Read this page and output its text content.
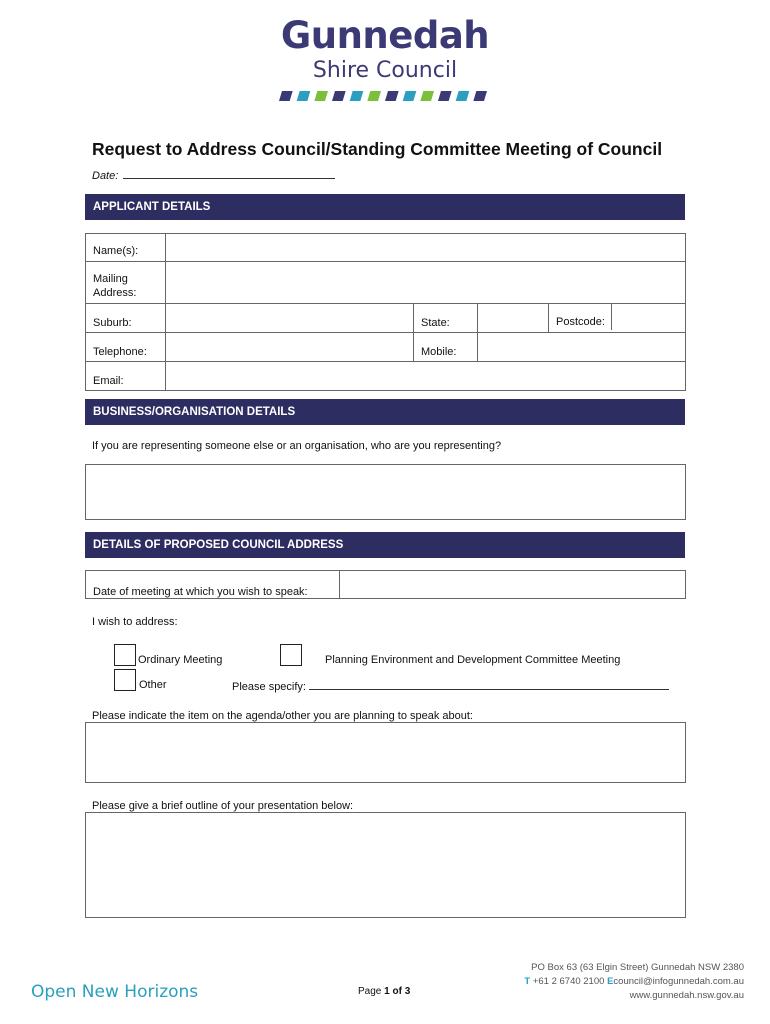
Gunnedah
Shire Council
Request to Address Council/Standing Committee Meeting of Council
Date:
APPLICANT DETAILS
Name(s):				

Mailing
Address:				

Suburb:		State:		Postcode:

Telephone:		Mobile:		

Email:				

BUSINESS/ORGANISATION DETAILS
If you are representing someone else or an organisation, who are you representing?
DETAILS OF PROPOSED COUNCIL ADDRESS
Date of meeting at which you wish to speak:
I wish to address:
Ordinary Meeting	Planning Environment and Development Committee Meeting
Other	Please specify:
Please indicate the item on the agenda/other you are planning to speak about:
Please give a brief outline of your presentation below:
Open New Horizons	Page 1 of 3
PO Box 63 (63 Elgin Street) Gunnedah NSW 2380
T +61 2 6740 2100 Ecouncil@infogunnedah.com.au
www.gunnedah.nsw.gov.au
